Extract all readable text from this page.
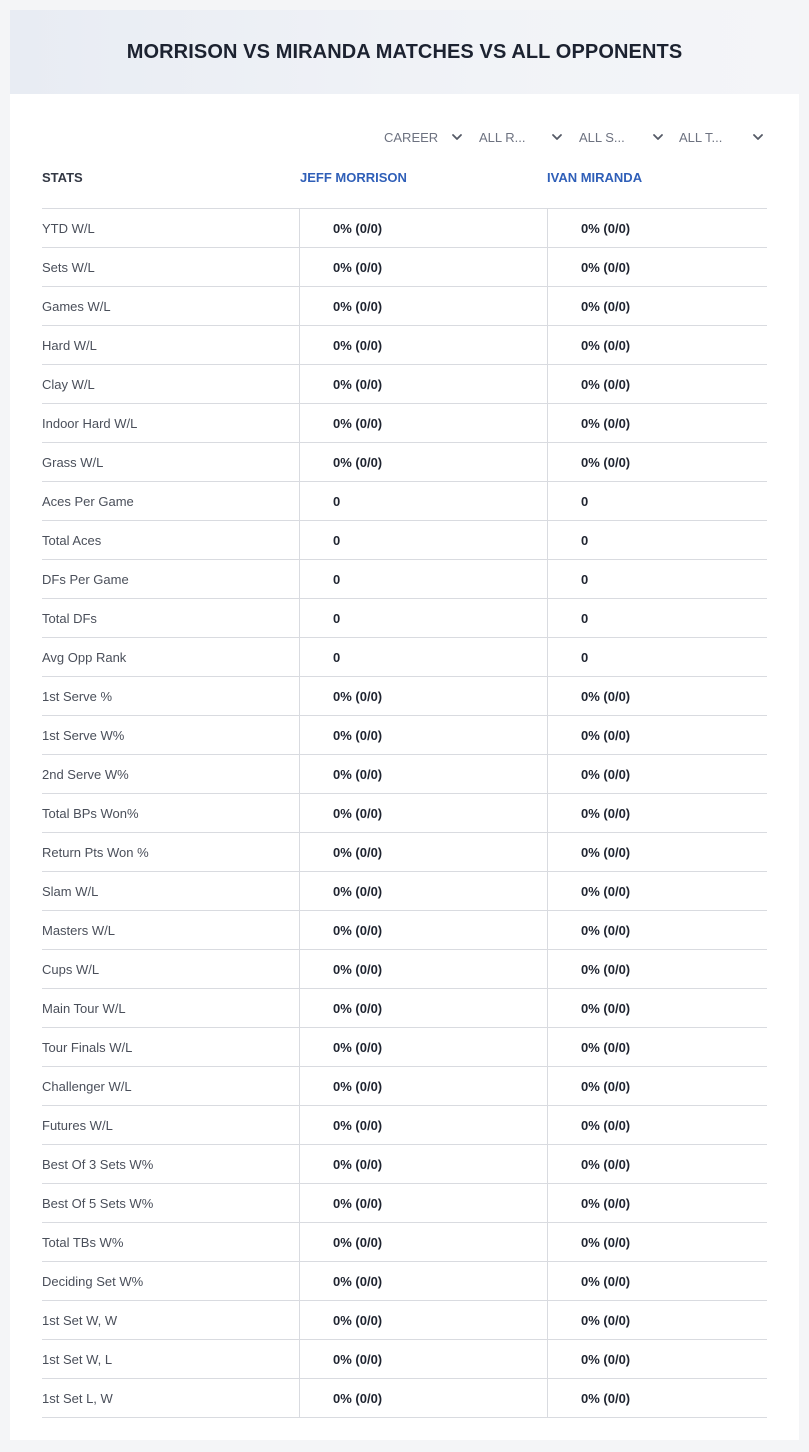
MORRISON VS MIRANDA MATCHES VS ALL OPPONENTS
CAREER	ALL R...	ALL S...	ALL T...
STATS	JEFF MORRISON	IVAN MIRANDA
YTD W/L	0% (0/0)	0% (0/0)
Sets W/L	0% (0/0)	0% (0/0)
Games W/L	0% (0/0)	0% (0/0)
Hard W/L	0% (0/0)	0% (0/0)
Clay W/L	0% (0/0)	0% (0/0)
Indoor Hard W/L	0% (0/0)	0% (0/0)
Grass W/L	0% (0/0)	0% (0/0)
Aces Per Game	0	0
Total Aces	0	0
DFs Per Game	0	0
Total DFs	0	0
Avg Opp Rank	0	0
1st Serve %	0% (0/0)	0% (0/0)
1st Serve W%	0% (0/0)	0% (0/0)
2nd Serve W%	0% (0/0)	0% (0/0)
Total BPs Won%	0% (0/0)	0% (0/0)
Return Pts Won %	0% (0/0)	0% (0/0)
Slam W/L	0% (0/0)	0% (0/0)
Masters W/L	0% (0/0)	0% (0/0)
Cups W/L	0% (0/0)	0% (0/0)
Main Tour W/L	0% (0/0)	0% (0/0)
Tour Finals W/L	0% (0/0)	0% (0/0)
Challenger W/L	0% (0/0)	0% (0/0)
Futures W/L	0% (0/0)	0% (0/0)
Best Of 3 Sets W%	0% (0/0)	0% (0/0)
Best Of 5 Sets W%	0% (0/0)	0% (0/0)
Total TBs W%	0% (0/0)	0% (0/0)
Deciding Set W%	0% (0/0)	0% (0/0)
1st Set W, W	0% (0/0)	0% (0/0)
1st Set W, L	0% (0/0)	0% (0/0)
1st Set L, W	0% (0/0)	0% (0/0)
